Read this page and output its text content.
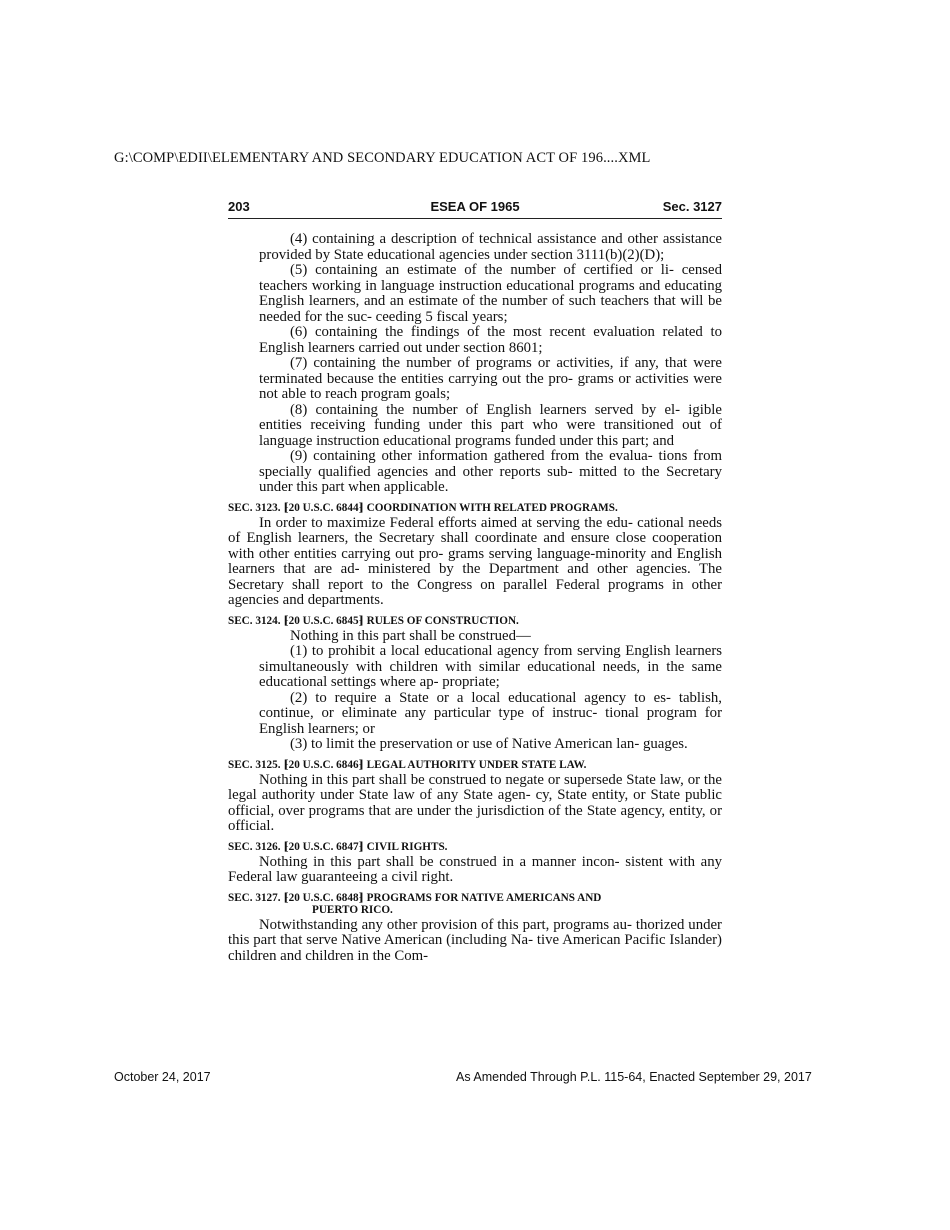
G:\COMP\EDII\ELEMENTARY AND SECONDARY EDUCATION ACT OF 196....XML
ESEA OF 1965
203	Sec. 3127

(4) containing a description of technical assistance and other assistance provided by State educational agencies under section 3111(b)(2)(D);

(5) containing an estimate of the number of certified or li- censed teachers working in language instruction educational programs and educating English learners, and an estimate of the number of such teachers that will be needed for the suc- ceeding 5 fiscal years;

(6) containing the findings of the most recent evaluation related to English learners carried out under section 8601;

(7) containing the number of programs or activities, if any, that were terminated because the entities carrying out the pro- grams or activities were not able to reach program goals;

(8) containing the number of English learners served by el- igible entities receiving funding under this part who were transitioned out of language instruction educational programs funded under this part; and

(9) containing other information gathered from the evalua- tions from specially qualified agencies and other reports sub- mitted to the Secretary under this part when applicable.

SEC. 3123. ⁅20 U.S.C. 6844⁆ COORDINATION WITH RELATED PROGRAMS.

In order to maximize Federal efforts aimed at serving the edu- cational needs of English learners, the Secretary shall coordinate and ensure close cooperation with other entities carrying out pro- grams serving language-minority and English learners that are ad- ministered by the Department and other agencies. The Secretary shall report to the Congress on parallel Federal programs in other agencies and departments.

SEC. 3124. ⁅20 U.S.C. 6845⁆ RULES OF CONSTRUCTION.

Nothing in this part shall be construed—

(1) to prohibit a local educational agency from serving English learners simultaneously with children with similar educational needs, in the same educational settings where ap- propriate;

(2) to require a State or a local educational agency to es- tablish, continue, or eliminate any particular type of instruc- tional program for English learners; or

(3) to limit the preservation or use of Native American lan- guages.

SEC. 3125. ⁅20 U.S.C. 6846⁆ LEGAL AUTHORITY UNDER STATE LAW.

Nothing in this part shall be construed to negate or supersede State law, or the legal authority under State law of any State agen- cy, State entity, or State public official, over programs that are under the jurisdiction of the State agency, entity, or official.

SEC. 3126. ⁅20 U.S.C. 6847⁆ CIVIL RIGHTS.

Nothing in this part shall be construed in a manner incon- sistent with any Federal law guaranteeing a civil right.

SEC. 3127. ⁅20 U.S.C. 6848⁆ PROGRAMS FOR NATIVE AMERICANS AND
PUERTO RICO.

Notwithstanding any other provision of this part, programs au- thorized under this part that serve Native American (including Na- tive American Pacific Islander) children and children in the Com-

October 24, 2017	As Amended Through P.L. 115-64, Enacted September 29, 2017
